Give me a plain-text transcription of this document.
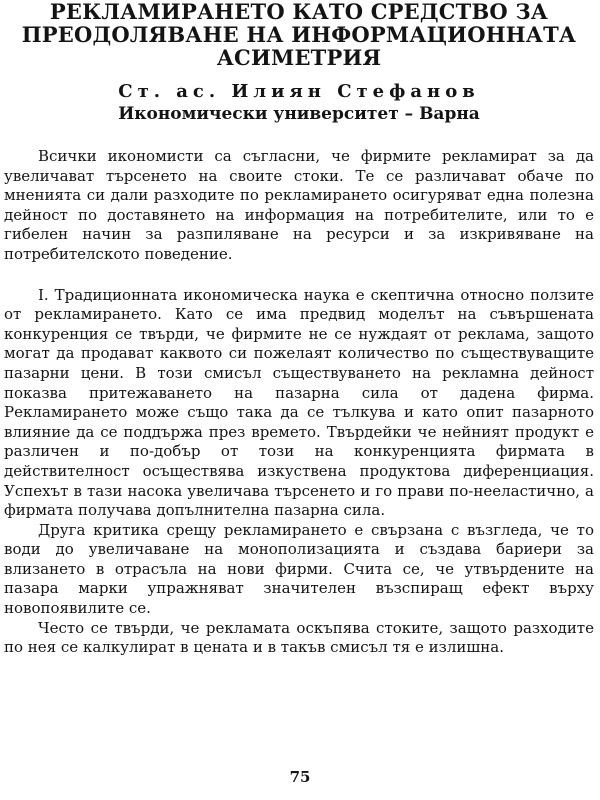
РЕКЛАМИРАНЕТО КАТО СРЕДСТВО ЗА
ПРЕОДОЛЯВАНЕ НА ИНФОРМАЦИОННАТА
АСИМЕТРИЯ

Ст. ас. Илиян Стефанов

Икономически университет – Варна

Всички икономисти са съгласни, че фирмите рекламират за да увеличават търсенето на своите стоки. Те се различават обаче по мненията си дали разходите по рекламирането осигуряват една полезна дейност по доставянето на информация на потребителите, или то е гибелен начин за разпиляване на ресурси и за изкривяване на потребителското поведение.

I. Традиционната икономическа наука е скептична относно ползите от рекламирането. Като се има предвид моделът на съвършената конкуренция се твърди, че фирмите не се нуждаят от реклама, защото могат да продават каквото си пожелаят количество по съществуващите пазарни цени. В този смисъл съществуването на рекламна дейност показва притежаването на пазарна сила от дадена фирма. Рекламирането може също така да се тълкува и като опит пазарното влияние да се поддържа през времето. Твърдейки че нейният продукт е различен и по-добър от този на конкуренцията фирмата в действителност осъществява изкуствена продуктова диференциация. Успехът в тази насока увеличава търсенето и го прави по-нееластично, а фирмата получава допълнителна пазарна сила.

Друга критика срещу рекламирането е свързана с възгледа, че то води до увеличаване на монополизацията и създава бариери за влизането в отрасъла на нови фирми. Счита се, че утвърдените на пазара марки упражняват значителен възспиращ ефект върху новопоявилите се.

Често се твърди, че рекламата оскъпява стоките, защото разходите по нея се калкулират в цената и в такъв смисъл тя е излишна.

75
